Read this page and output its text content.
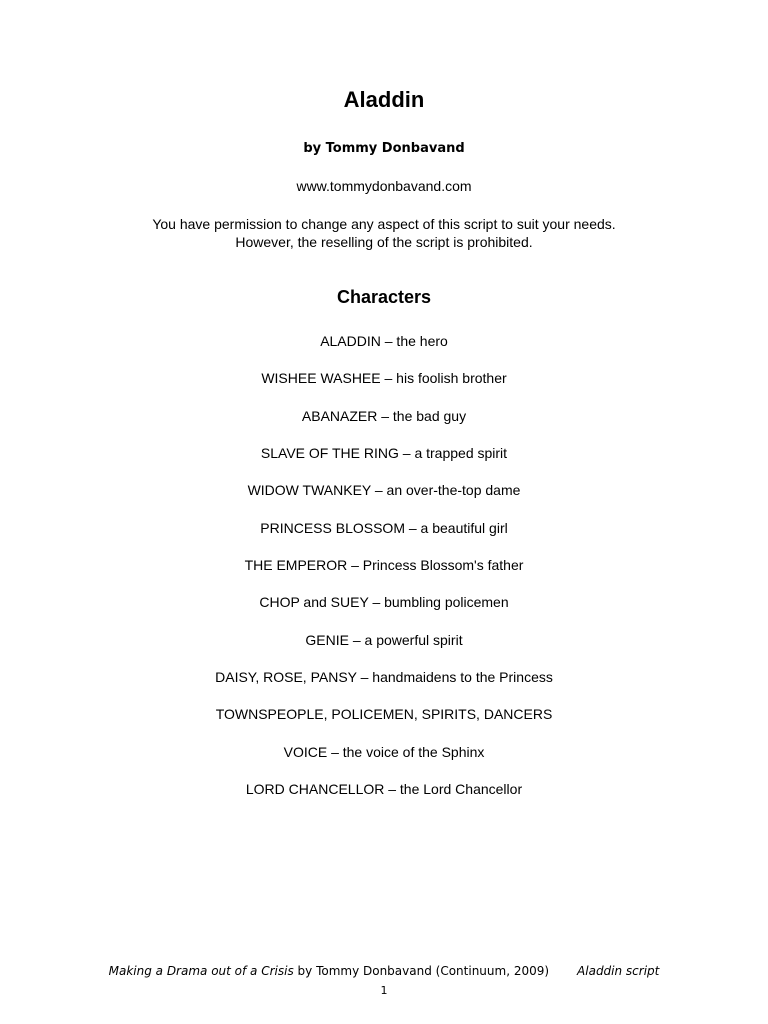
Aladdin
by Tommy Donbavand
www.tommydonbavand.com
You have permission to change any aspect of this script to suit your needs.
However, the reselling of the script is prohibited.
Characters
ALADDIN – the hero
WISHEE WASHEE – his foolish brother
ABANAZER – the bad guy
SLAVE OF THE RING – a trapped spirit
WIDOW TWANKEY – an over-the-top dame
PRINCESS BLOSSOM – a beautiful girl
THE EMPEROR – Princess Blossom's father
CHOP and SUEY – bumbling policemen
GENIE – a powerful spirit
DAISY, ROSE, PANSY – handmaidens to the Princess
TOWNSPEOPLE, POLICEMEN, SPIRITS, DANCERS
VOICE – the voice of the Sphinx
LORD CHANCELLOR – the Lord Chancellor
Making a Drama out of a Crisis by Tommy Donbavand (Continuum, 2009) Aladdin script
1
